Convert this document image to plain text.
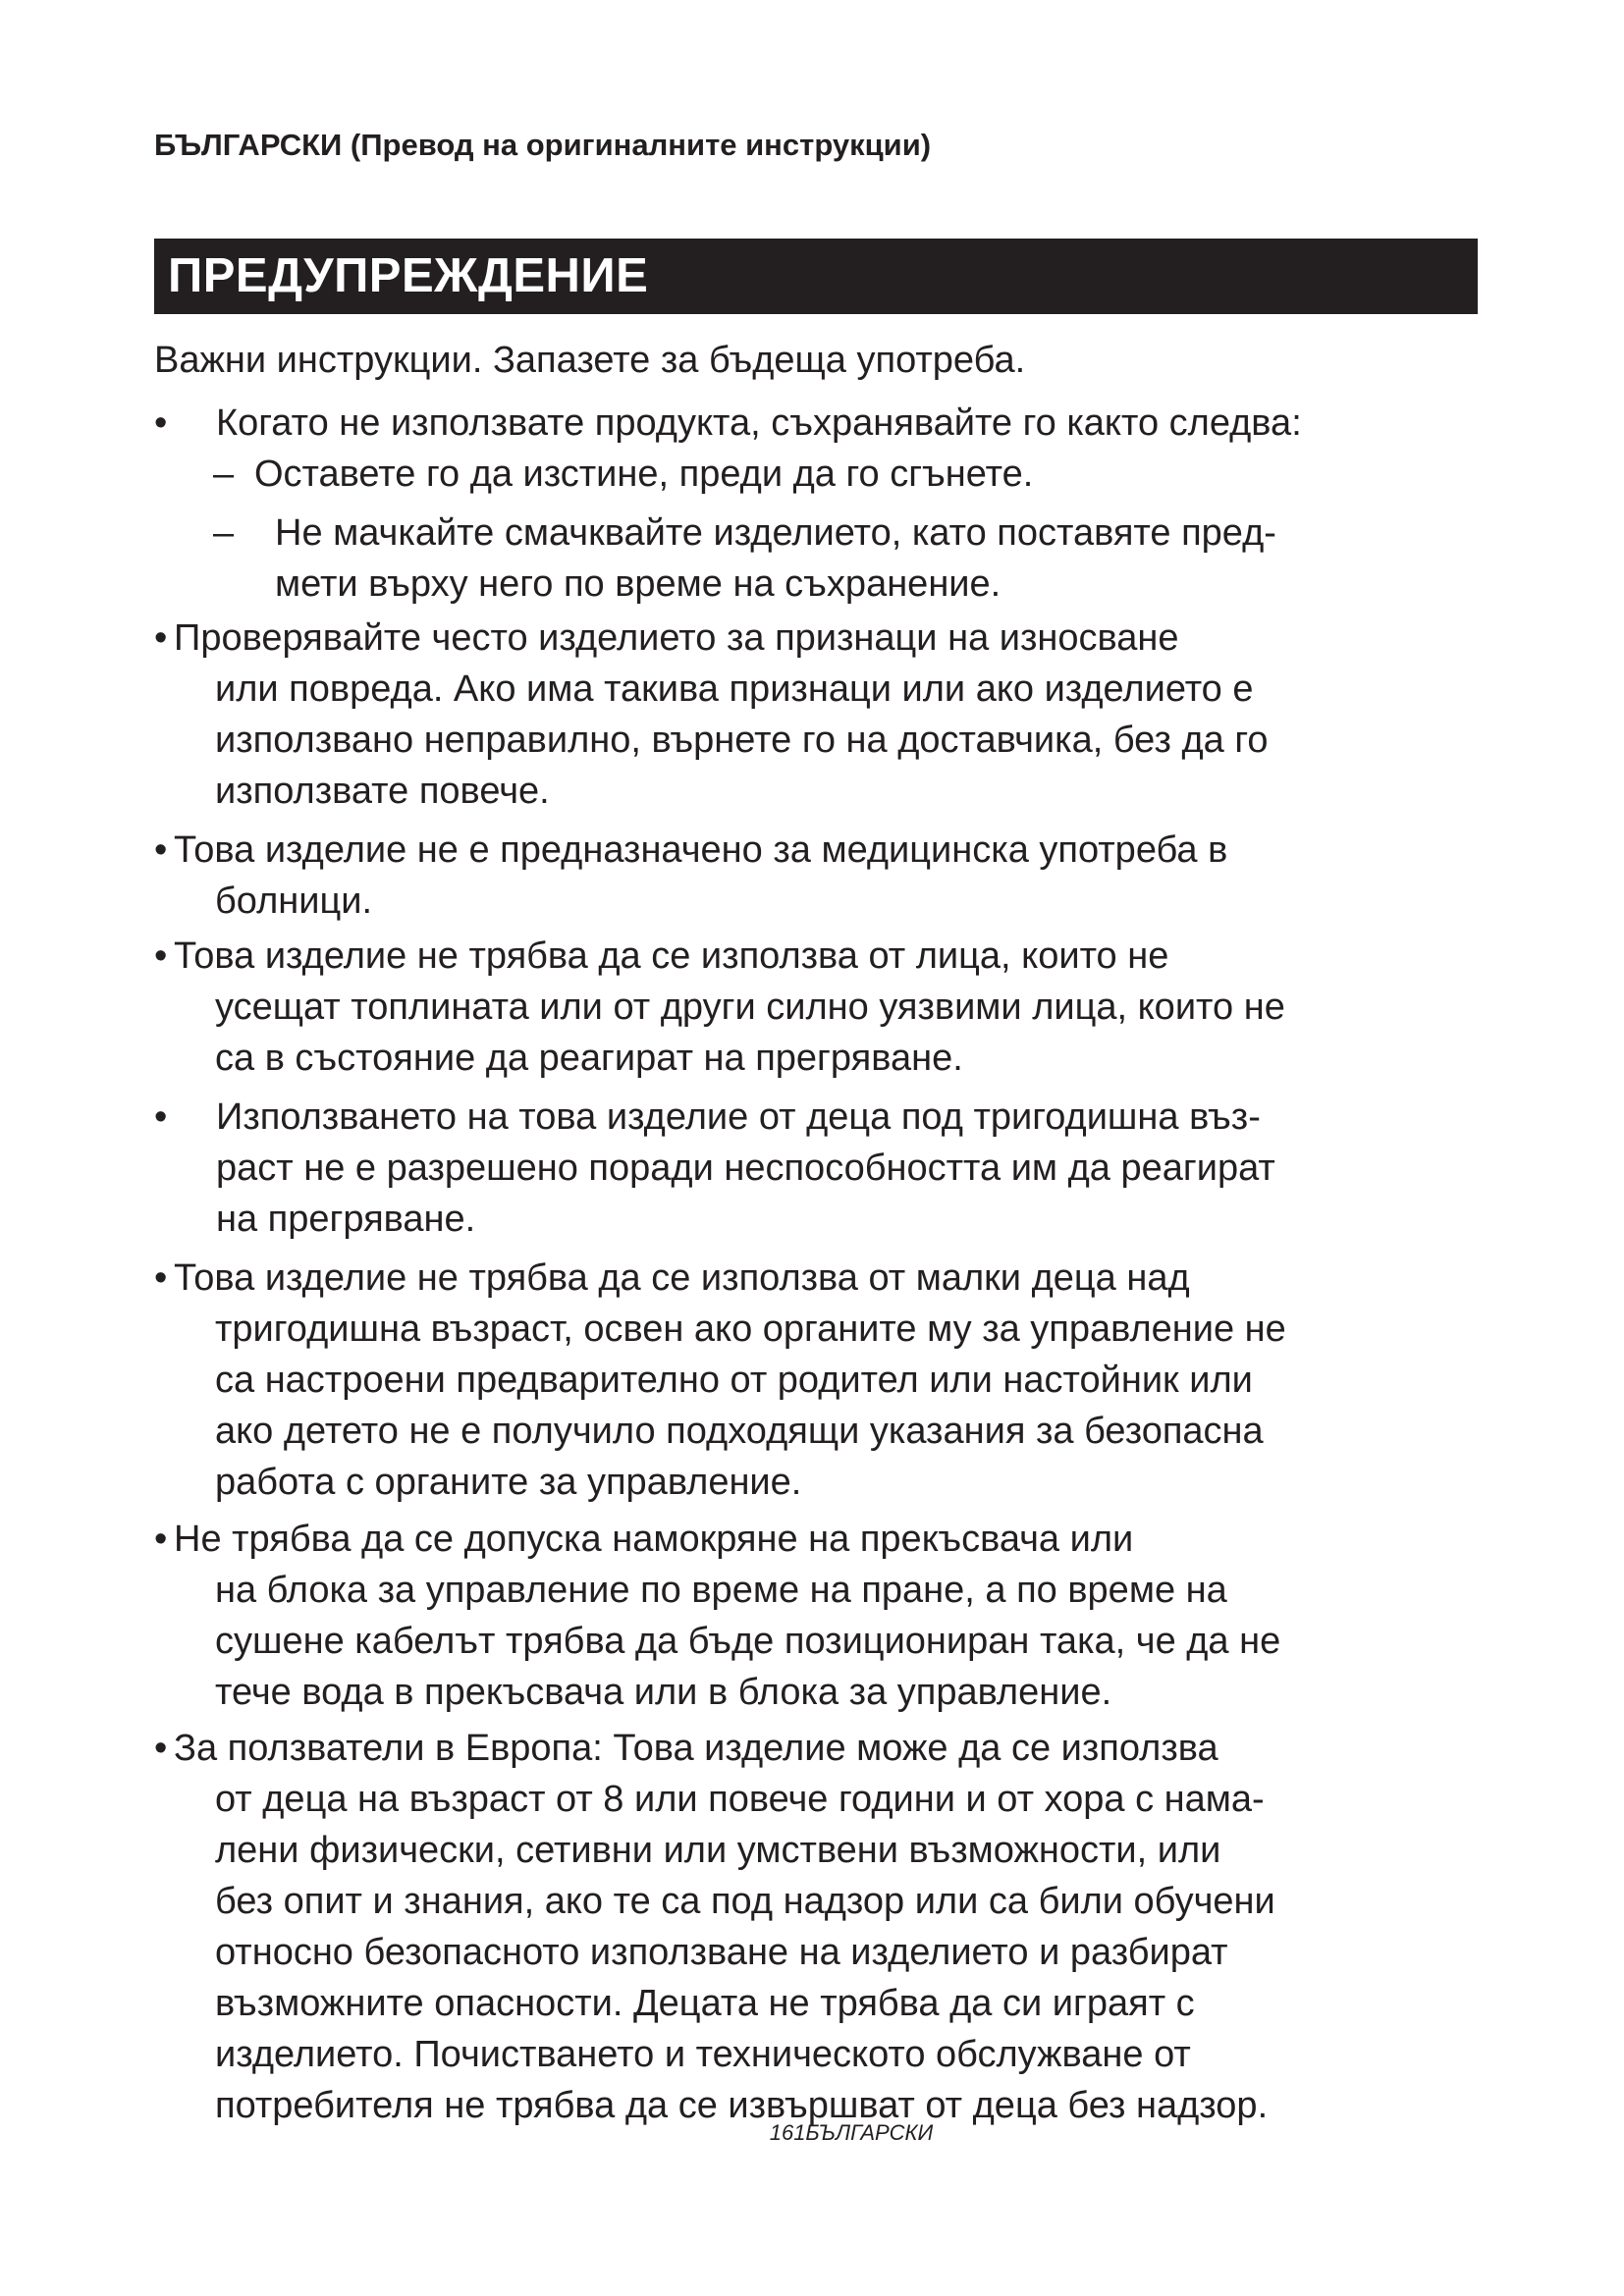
БЪЛГАРСКИ (Превод на оригиналните инструкции)
ПРЕДУПРЕЖДЕНИЕ
Важни инструкции. Запазете за бъдеща употреба.
• Когато не използвате продукта, съхранявайте го както следва:
– Оставете го да изстине, преди да го сгънете.
– Не мачкайте смачквайте изделието, като поставяте пред-
мети върху него по време на съхранение.
• Проверявайте често изделието за признаци на износване
или повреда. Ако има такива признаци или ако изделието е
използвано неправилно, върнете го на доставчика, без да го
използвате повече.
• Това изделие не е предназначено за медицинска употреба в
болници.
• Това изделие не трябва да се използва от лица, които не
усещат топлината или от други силно уязвими лица, които не
са в състояние да реагират на прегряване.
• Използването на това изделие от деца под тригодишна въз-
раст не е разрешено поради неспособността им да реагират
на прегряване.
• Това изделие не трябва да се използва от малки деца над
тригодишна възраст, освен ако органите му за управление не
са настроени предварително от родител или настойник или
ако детето не е получило подходящи указания за безопасна
работа с органите за управление.
• Не трябва да се допуска намокряне на прекъсвача или
на блока за управление по време на пране, а по време на
сушене кабелът трябва да бъде позициониран така, че да не
тече вода в прекъсвача или в блока за управление.
• За ползватели в Европа: Това изделие може да се използва
от деца на възраст от 8 или повече години и от хора с нама-
лени физически, сетивни или умствени възможности, или
без опит и знания, ако те са под надзор или са били обучени
относно безопасното използване на изделието и разбират
възможните опасности. Децата не трябва да си играят с
изделието. Почистването и техническото обслужване от
потребителя не трябва да се извършват от деца без надзор.
161БЪЛГАРСКИ
